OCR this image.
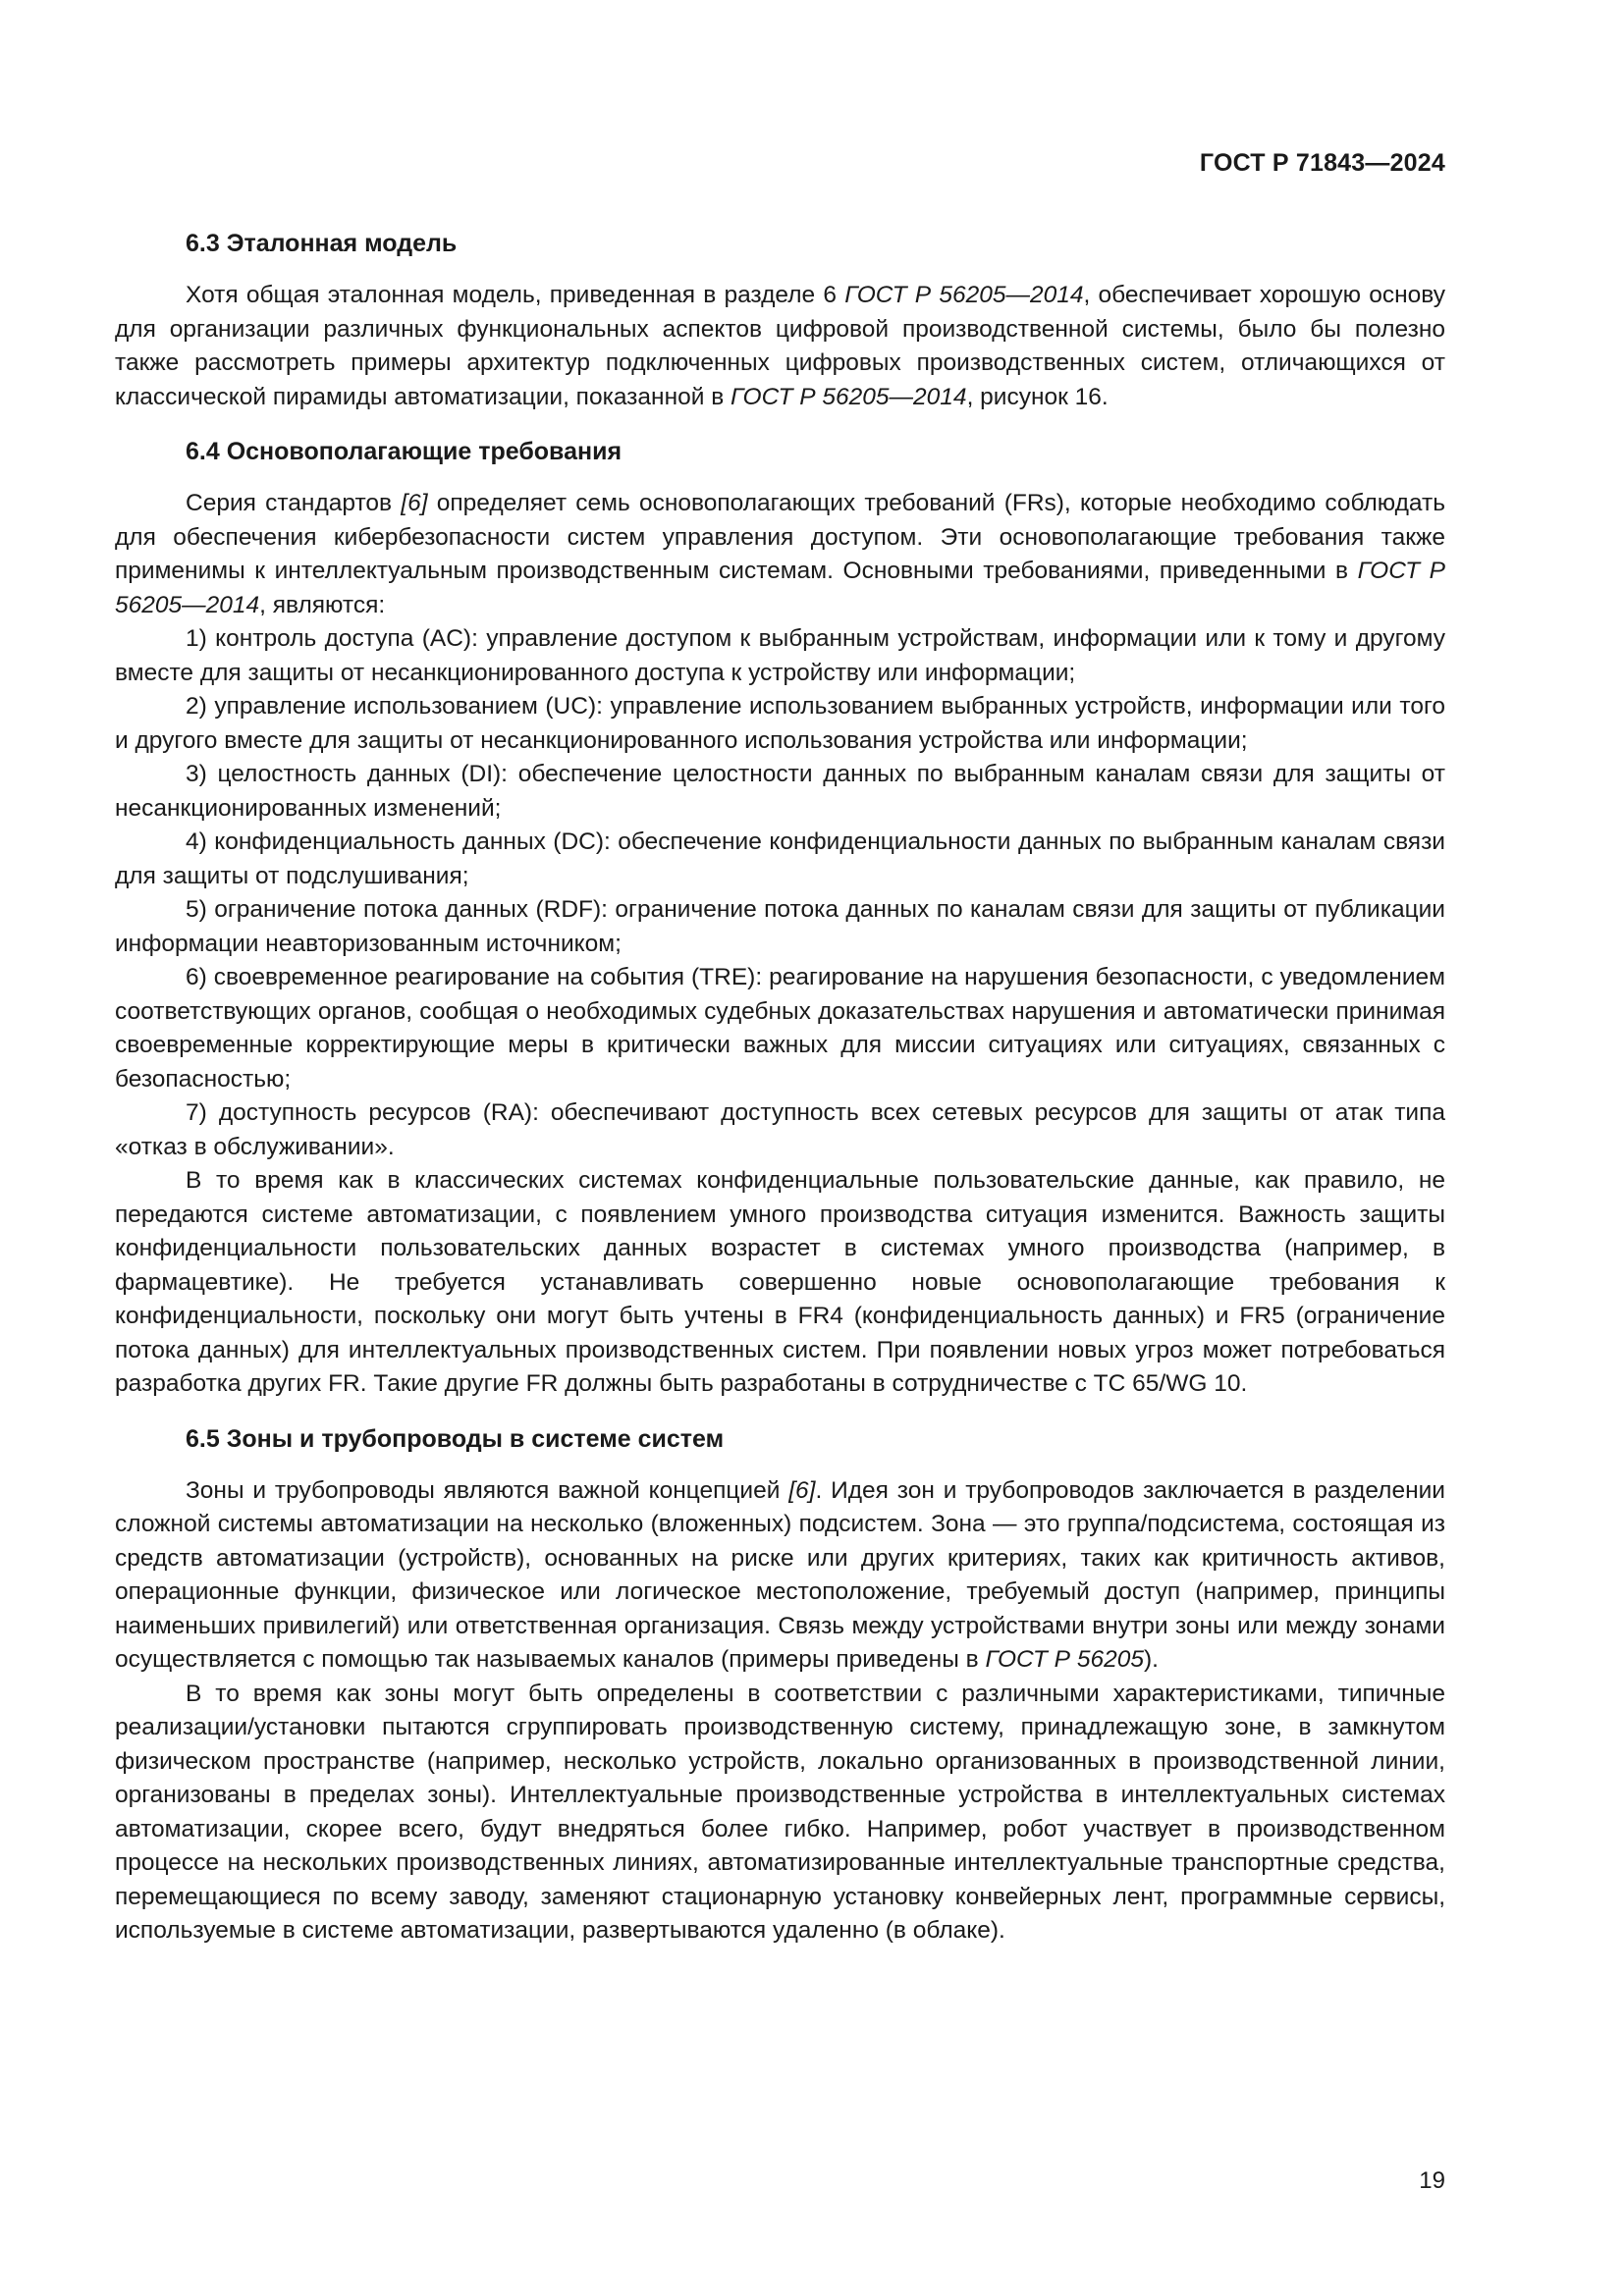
ГОСТ Р 71843—2024
6.3 Эталонная модель

Хотя общая эталонная модель, приведенная в разделе 6 ГОСТ Р 56205—2014, обеспечивает хорошую основу для организации различных функциональных аспектов цифровой производственной системы, было бы полезно также рассмотреть примеры архитектур подключенных цифровых производственных систем, отличающихся от классической пирамиды автоматизации, показанной в ГОСТ Р 56205—2014, рисунок 16.

6.4 Основополагающие требования

Серия стандартов [6] определяет семь основополагающих требований (FRs), которые необходимо соблюдать для обеспечения кибербезопасности систем управления доступом. Эти основополагающие требования также применимы к интеллектуальным производственным системам. Основными требованиями, приведенными в ГОСТ Р 56205—2014, являются:

1) контроль доступа (AC): управление доступом к выбранным устройствам, информации или к тому и другому вместе для защиты от несанкционированного доступа к устройству или информации;

2) управление использованием (UC): управление использованием выбранных устройств, информации или того и другого вместе для защиты от несанкционированного использования устройства или информации;

3) целостность данных (DI): обеспечение целостности данных по выбранным каналам связи для защиты от несанкционированных изменений;

4) конфиденциальность данных (DC): обеспечение конфиденциальности данных по выбранным каналам связи для защиты от подслушивания;

5) ограничение потока данных (RDF): ограничение потока данных по каналам связи для защиты от публикации информации неавторизованным источником;

6) своевременное реагирование на события (TRE): реагирование на нарушения безопасности, с уведомлением соответствующих органов, сообщая о необходимых судебных доказательствах нарушения и автоматически принимая своевременные корректирующие меры в критически важных для миссии ситуациях или ситуациях, связанных с безопасностью;

7) доступность ресурсов (RA): обеспечивают доступность всех сетевых ресурсов для защиты от атак типа «отказ в обслуживании».

В то время как в классических системах конфиденциальные пользовательские данные, как правило, не передаются системе автоматизации, с появлением умного производства ситуация изменится. Важность защиты конфиденциальности пользовательских данных возрастет в системах умного производства (например, в фармацевтике). Не требуется устанавливать совершенно новые основополагающие требования к конфиденциальности, поскольку они могут быть учтены в FR4 (конфиденциальность данных) и FR5 (ограничение потока данных) для интеллектуальных производственных систем. При появлении новых угроз может потребоваться разработка других FR. Такие другие FR должны быть разработаны в сотрудничестве с TC 65/WG 10.

6.5 Зоны и трубопроводы в системе систем

Зоны и трубопроводы являются важной концепцией [6]. Идея зон и трубопроводов заключается в разделении сложной системы автоматизации на несколько (вложенных) подсистем. Зона — это группа/подсистема, состоящая из средств автоматизации (устройств), основанных на риске или других критериях, таких как критичность активов, операционные функции, физическое или логическое местоположение, требуемый доступ (например, принципы наименьших привилегий) или ответственная организация. Связь между устройствами внутри зоны или между зонами осуществляется с помощью так называемых каналов (примеры приведены в ГОСТ Р 56205).

В то время как зоны могут быть определены в соответствии с различными характеристиками, типичные реализации/установки пытаются сгруппировать производственную систему, принадлежащую зоне, в замкнутом физическом пространстве (например, несколько устройств, локально организованных в производственной линии, организованы в пределах зоны). Интеллектуальные производственные устройства в интеллектуальных системах автоматизации, скорее всего, будут внедряться более гибко. Например, робот участвует в производственном процессе на нескольких производственных линиях, автоматизированные интеллектуальные транспортные средства, перемещающиеся по всему заводу, заменяют стационарную установку конвейерных лент, программные сервисы, используемые в системе автоматизации, развертываются удаленно (в облаке).

19
